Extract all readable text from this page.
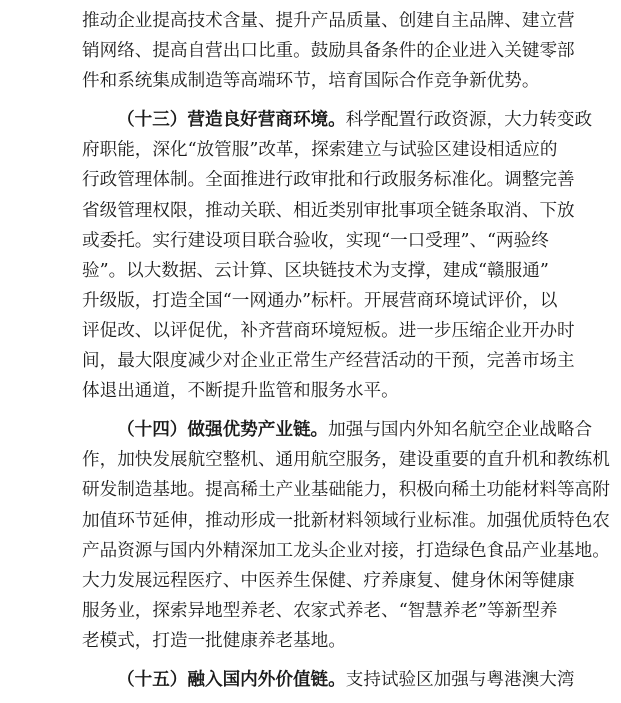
推动企业提高技术含量、提升产品质量、创建自主品牌、建立营
销网络、提高自营出口比重。鼓励具备条件的企业进入关键零部
件和系统集成制造等高端环节，培育国际合作竞争新优势。
（十三）营造良好营商环境。科学配置行政资源，大力转变政
府职能，深化“放管服”改革，探索建立与试验区建设相适应的
行政管理体制。全面推进行政审批和行政服务标准化。调整完善
省级管理权限，推动关联、相近类别审批事项全链条取消、下放
或委托。实行建设项目联合验收，实现“一口受理”、“两验终
验”。以大数据、云计算、区块链技术为支撑，建成“赣服通”
升级版，打造全国“一网通办”标杆。开展营商环境试评价，以
评促改、以评促优，补齐营商环境短板。进一步压缩企业开办时
间，最大限度减少对企业正常生产经营活动的干预，完善市场主
体退出通道，不断提升监管和服务水平。
（十四）做强优势产业链。加强与国内外知名航空企业战略合
作，加快发展航空整机、通用航空服务，建设重要的直升机和教练机
研发制造基地。提高稀土产业基础能力，积极向稀土功能材料等高附
加值环节延伸，推动形成一批新材料领域行业标准。加强优质特色农
产品资源与国内外精深加工龙头企业对接，打造绿色食品产业基地。
大力发展远程医疗、中医养生保健、疗养康复、健身休闲等健康
服务业，探索异地型养老、农家式养老、“智慧养老”等新型养
老模式，打造一批健康养老基地。
（十五）融入国内外价值链。支持试验区加强与粤港澳大湾
